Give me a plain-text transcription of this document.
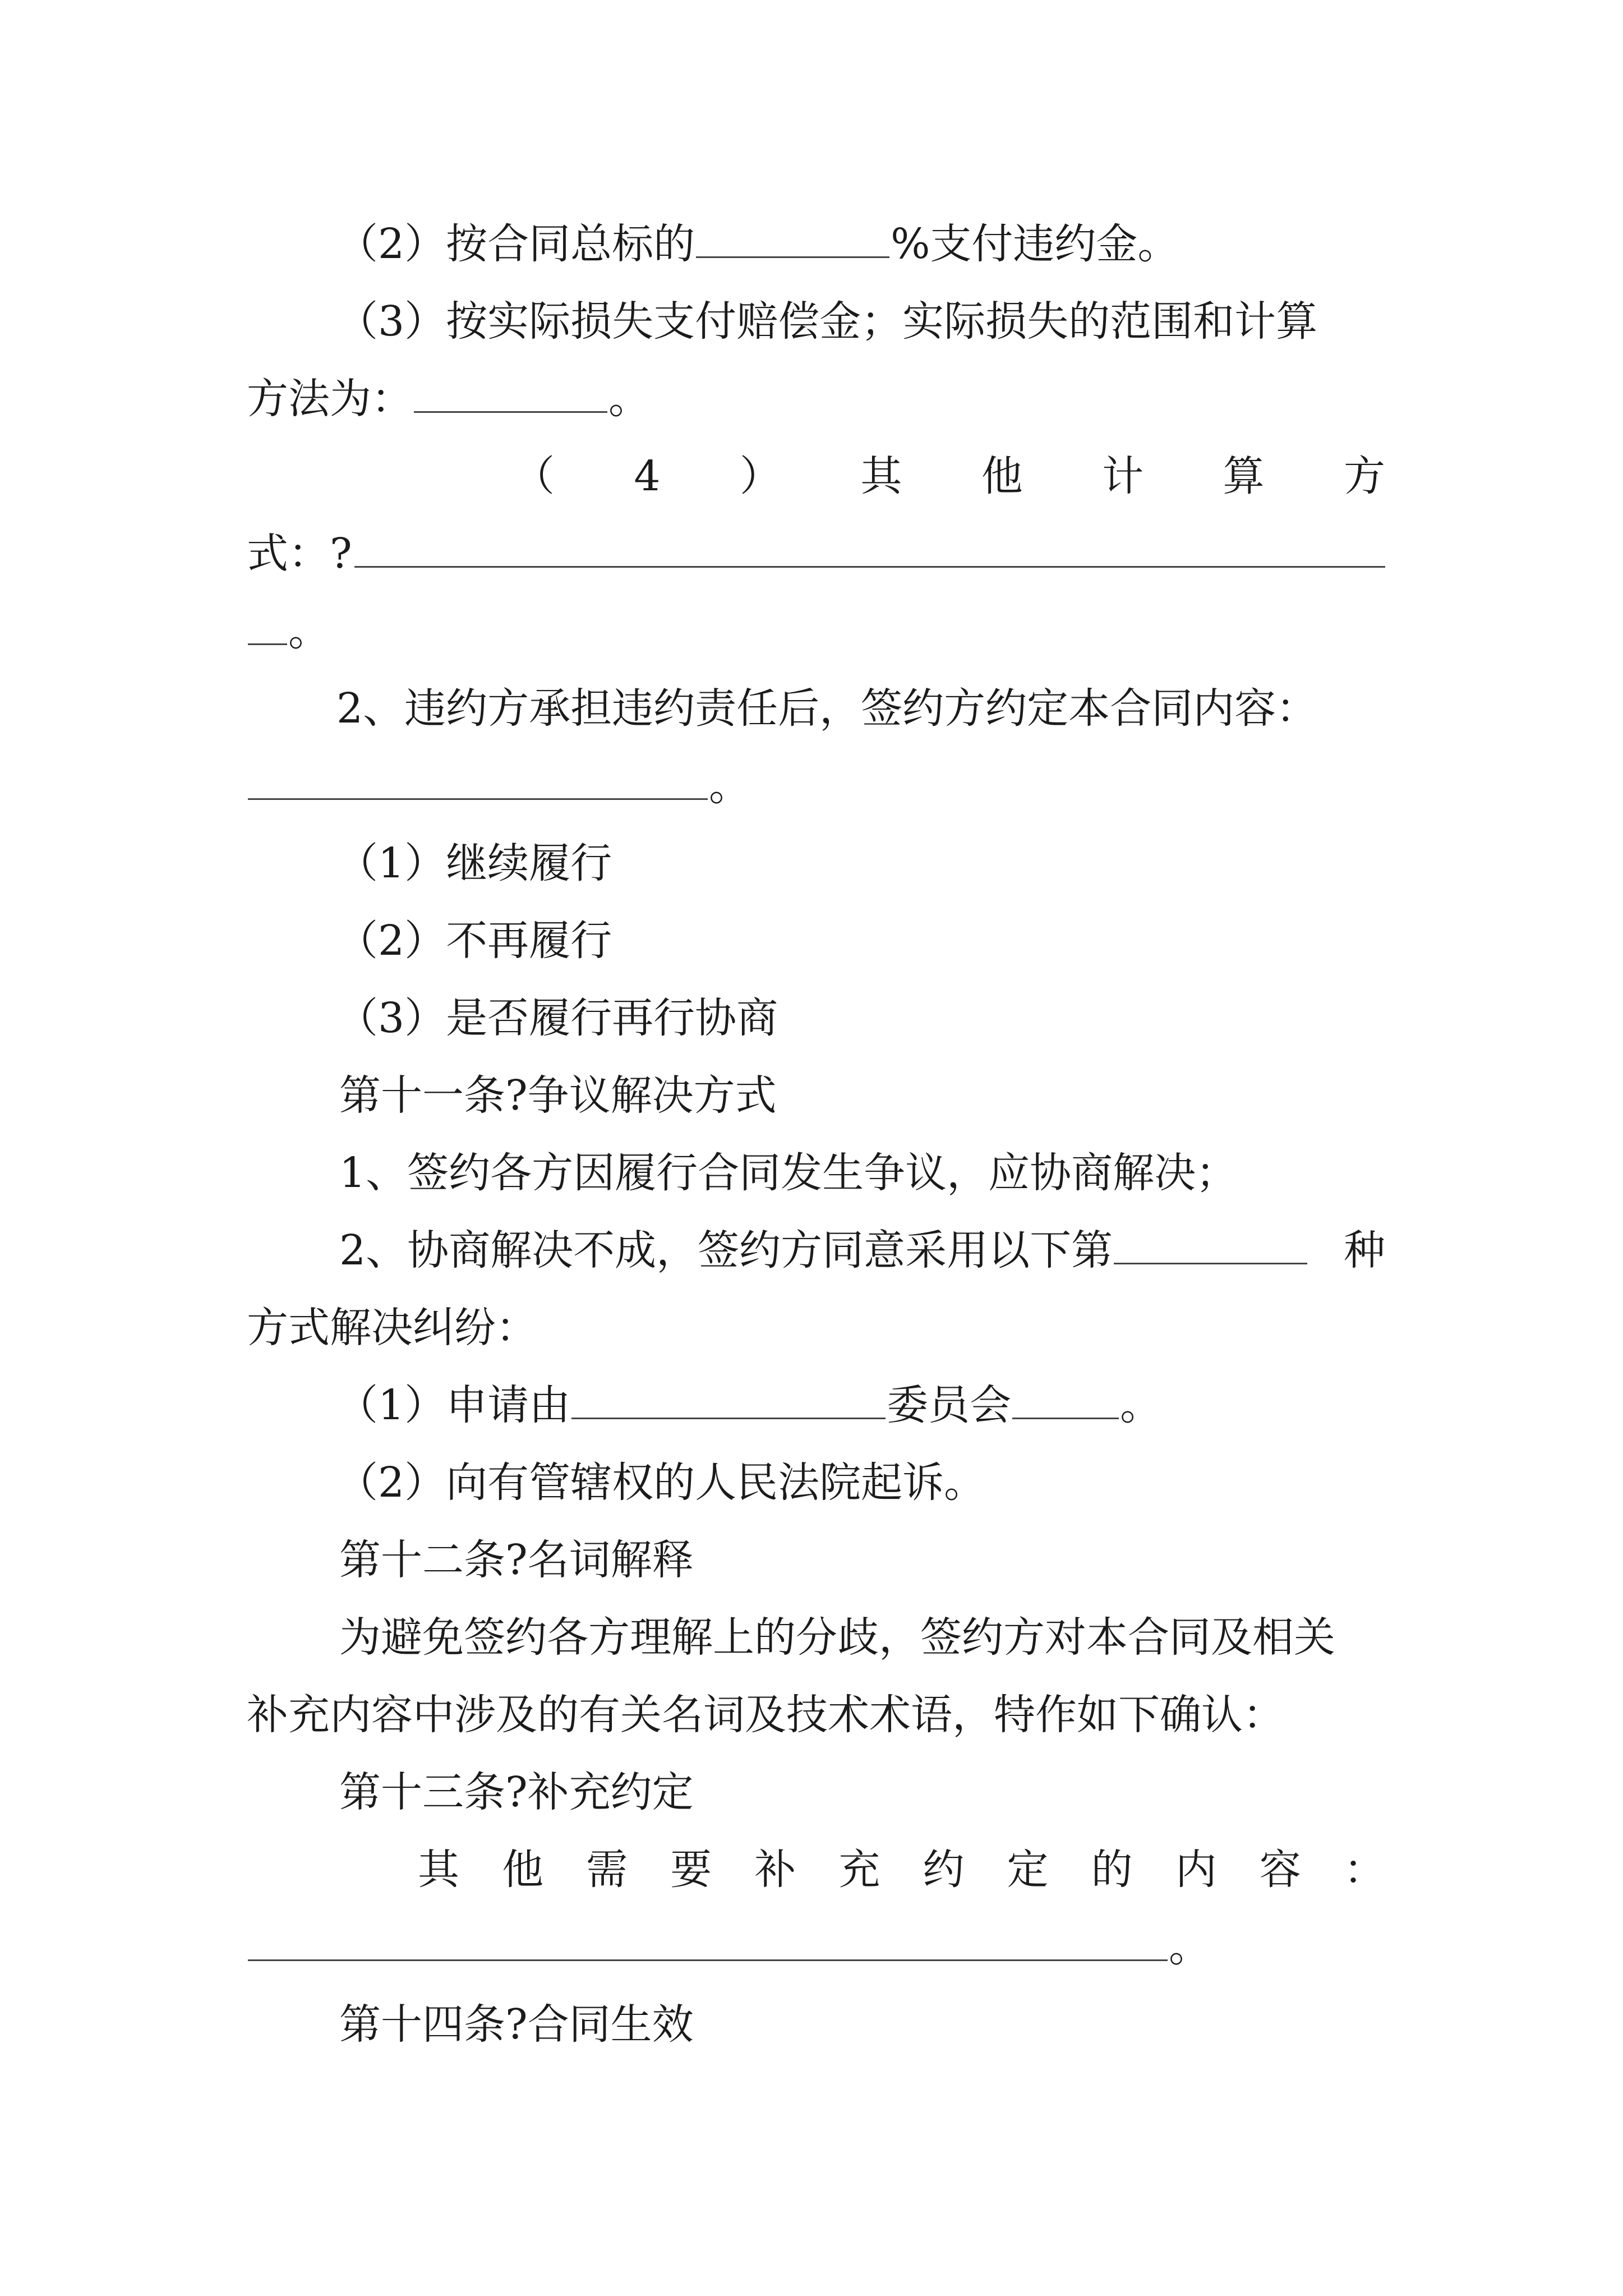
（2）按合同总标的	%支付违约金。
（3）按实际损失支付赔偿金；实际损失的范围和计算
方法为：	。
（ 4 ） 其 他 计 算 方
式：?
。
2、违约方承担违约责任后，签约方约定本合同内容：
。
（1）继续履行
（2）不再履行
（3）是否履行再行协商
第十一条?争议解决方式
1、签约各方因履行合同发生争议，应协商解决；
2、协商解决不成，签约方同意采用以下第	种
方式解决纠纷：
（1）申请由	委员会	。
（2）向有管辖权的人民法院起诉。
第十二条?名词解释
为避免签约各方理解上的分歧，签约方对本合同及相关
补充内容中涉及的有关名词及技术术语，特作如下确认：
第十三条?补充约定
其 他 需 要 补 充 约 定 的 内 容 ：
。
第十四条?合同生效
